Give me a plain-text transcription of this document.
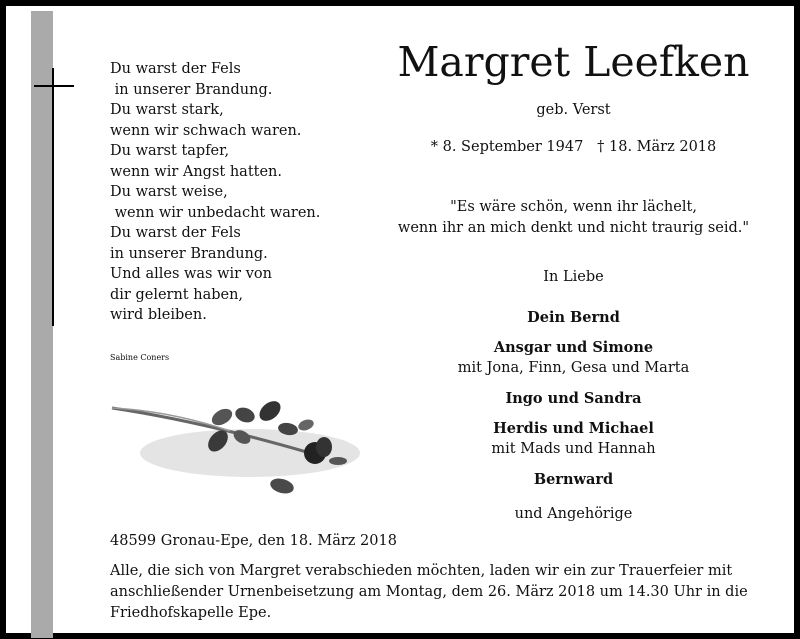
Du warst der Fels
in unserer Brandung.
Du warst stark,
wenn wir schwach waren.
Du warst tapfer,
wenn wir Angst hatten.
Du warst weise,
wenn wir unbedacht waren.
Du warst der Fels
in unserer Brandung.
Und alles was wir von
dir gelernt haben,
wird bleiben.
Sabine Coners
Margret Leefken
geb. Verst
* 8. September 1947   † 18. März 2018
"Es wäre schön, wenn ihr lächelt,
wenn ihr an mich denkt und nicht traurig seid."
In Liebe
Dein Bernd
Ansgar und Simone
mit Jona, Finn, Gesa und Marta
Ingo und Sandra
Herdis und Michael
mit Mads und Hannah
Bernward
und Angehörige
48599 Gronau-Epe, den 18. März 2018
Alle, die sich von Margret verabschieden möchten, laden wir ein zur Trauerfeier mit
anschließender Urnenbeisetzung am Montag, dem 26. März 2018 um 14.30 Uhr in die
Friedhofskapelle Epe.
